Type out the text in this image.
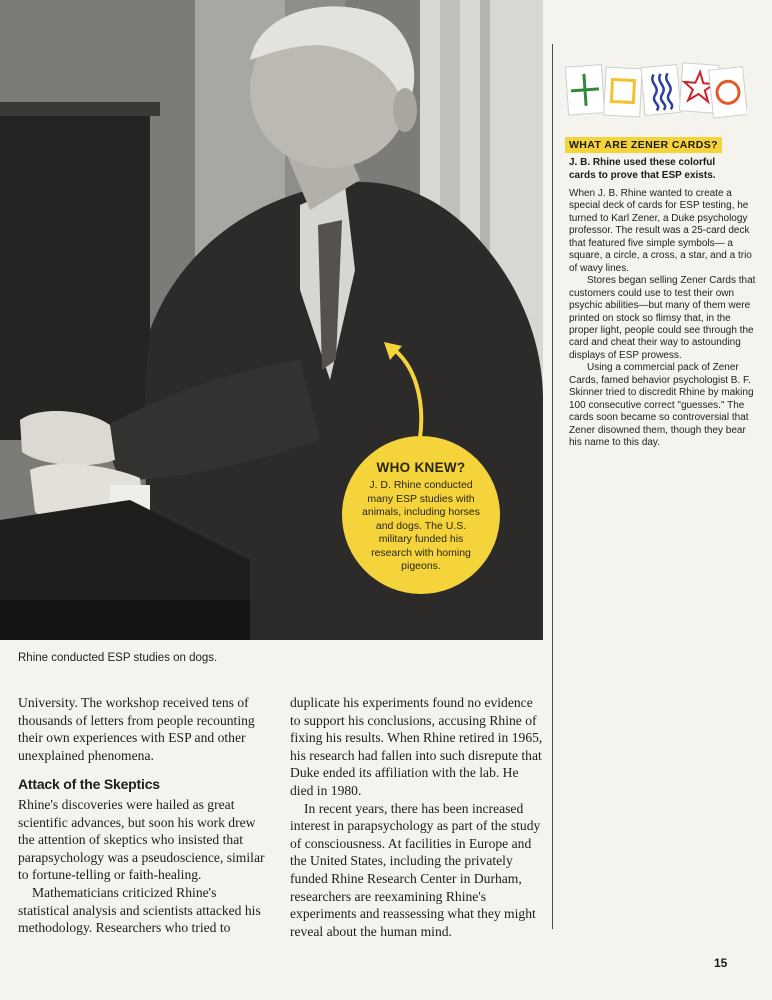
Rhine conducted ESP studies on dogs.
WHO KNEW?
J. D. Rhine conducted many ESP studies with animals, including horses and dogs. The U.S. military funded his research with homing pigeons.
WHAT ARE ZENER CARDS?
J. B. Rhine used these colorful cards to prove that ESP exists.

When J. B. Rhine wanted to create a special deck of cards for ESP testing, he turned to Karl Zener, a Duke psychology professor. The result was a 25-card deck that featured five simple symbols— a square, a circle, a cross, a star, and a trio of wavy lines.

Stores began selling Zener Cards that customers could use to test their own psychic abilities—but many of them were printed on stock so flimsy that, in the proper light, people could see through the card and cheat their way to astounding displays of ESP prowess.

Using a commercial pack of Zener Cards, famed behavior psychologist B. F. Skinner tried to discredit Rhine by making 100 consecutive correct "guesses." The cards soon became so controversial that Zener disowned them, though they bear his name to this day.

University. The workshop received tens of thousands of letters from people recounting their own experiences with ESP and other unexplained phenomena.

Attack of the Skeptics

Rhine's discoveries were hailed as great scientific advances, but soon his work drew the attention of skeptics who insisted that parapsychology was a pseudoscience, similar to fortune-telling or faith-healing.

Mathematicians criticized Rhine's statistical analysis and scientists attacked his methodology. Researchers who tried to

duplicate his experiments found no evidence to support his conclusions, accusing Rhine of fixing his results. When Rhine retired in 1965, his research had fallen into such disrepute that Duke ended its affiliation with the lab. He died in 1980.

In recent years, there has been increased interest in parapsychology as part of the study of consciousness. At facilities in Europe and the United States, including the privately funded Rhine Research Center in Durham, researchers are reexamining Rhine's experiments and reassessing what they might reveal about the human mind.

15
